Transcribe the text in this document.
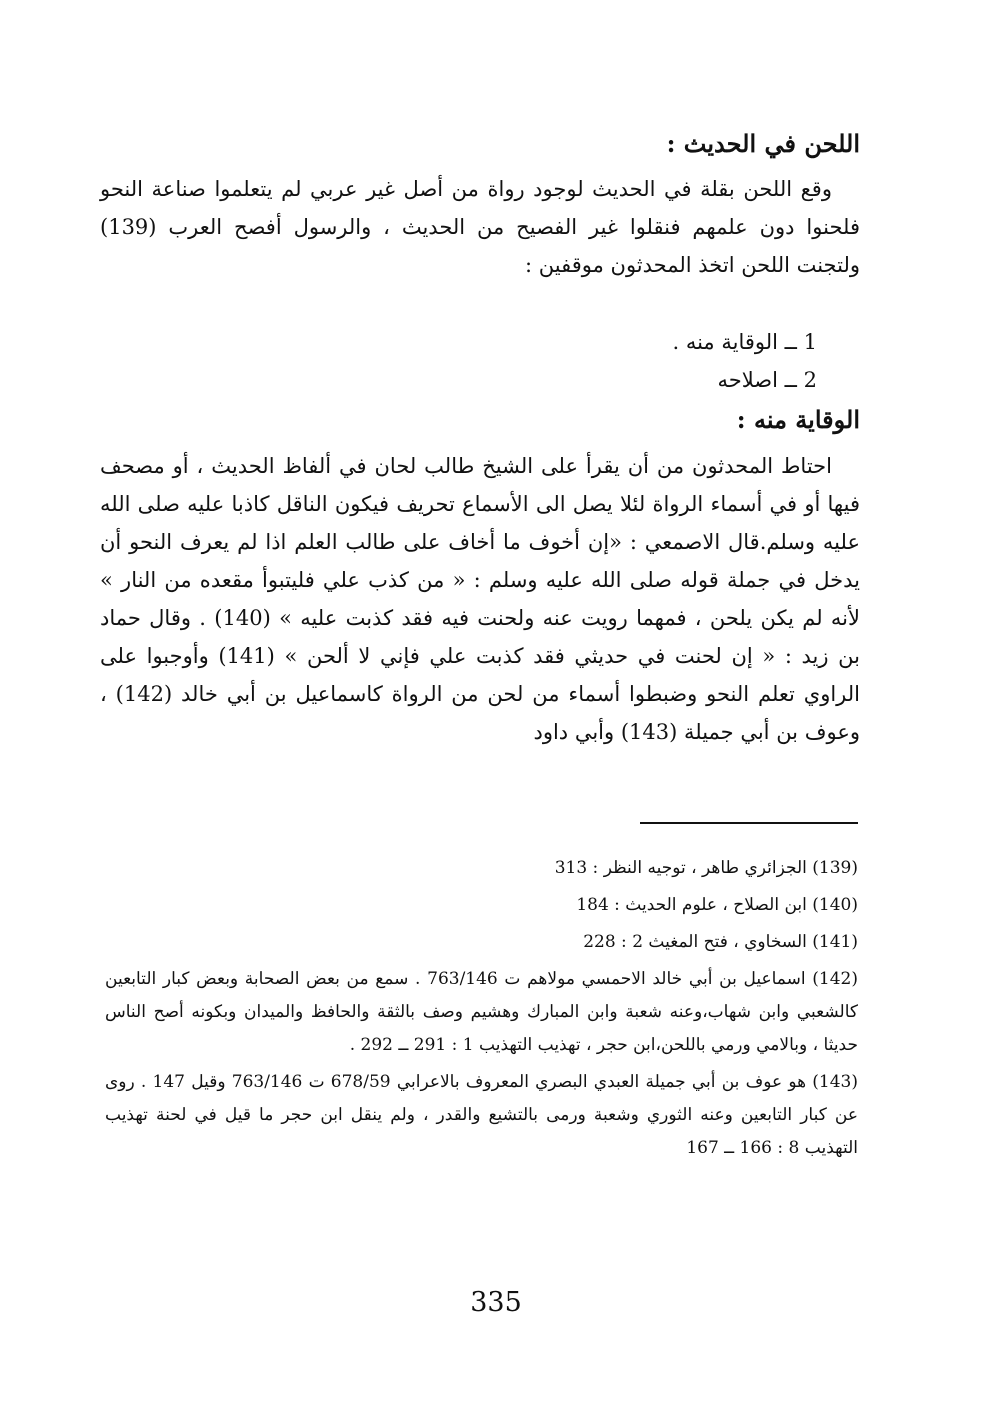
اللحن في الحديث :

وقع اللحن بقلة في الحديث لوجود رواة من أصل غير عربي لم يتعلموا صناعة النحو فلحنوا دون علمهم فنقلوا غير الفصيح من الحديث ، والرسول أفصح العرب (139) ولتجنت اللحن اتخذ المحدثون موقفين :

1 ــ الوقاية منه .
2 ــ اصلاحه
الوقاية منه :

احتاط المحدثون من أن يقرأ على الشيخ طالب لحان في ألفاظ الحديث ، أو مصحف فيها أو في أسماء الرواة لئلا يصل الى الأسماع تحريف فيكون الناقل كاذبا عليه صلى الله عليه وسلم.قال الاصمعي : «إن أخوف ما أخاف على طالب العلم اذا لم يعرف النحو أن يدخل في جملة قوله صلى الله عليه وسلم : « من كذب علي فليتبوأ مقعده من النار » لأنه لم يكن يلحن ، فمهما رويت عنه ولحنت فيه فقد كذبت عليه » (140) . وقال حماد بن زيد : « إن لحنت في حديثي فقد كذبت علي فإني لا ألحن » (141) وأوجبوا على الراوي تعلم النحو وضبطوا أسماء من لحن من الرواة كاسماعيل بن أبي خالد (142) ، وعوف بن أبي جميلة (143) وأبي داود

(139) الجزائري طاهر ، توجيه النظر : 313

(140) ابن الصلاح ، علوم الحديث : 184

(141) السخاوي ، فتح المغيث 2 : 228

(142) اسماعيل بن أبي خالد الاحمسي مولاهم ت 763/146 . سمع من بعض الصحابة وبعض كبار التابعين كالشعبي وابن شهاب،وعنه شعبة وابن المبارك وهشيم وصف بالثقة والحافظ والميدان وبكونه أصح الناس حديثا ، وبالامي ورمي باللحن،ابن حجر ، تهذيب التهذيب 1 : 291 ــ 292 .

(143) هو عوف بن أبي جميلة العبدي البصري المعروف بالاعرابي 678/59 ت 763/146 وقيل 147 . روى عن كبار التابعين وعنه الثوري وشعبة ورمى بالتشيع والقدر ، ولم ينقل ابن حجر ما قيل في لحنة تهذيب التهذيب 8 : 166 ــ 167

335
